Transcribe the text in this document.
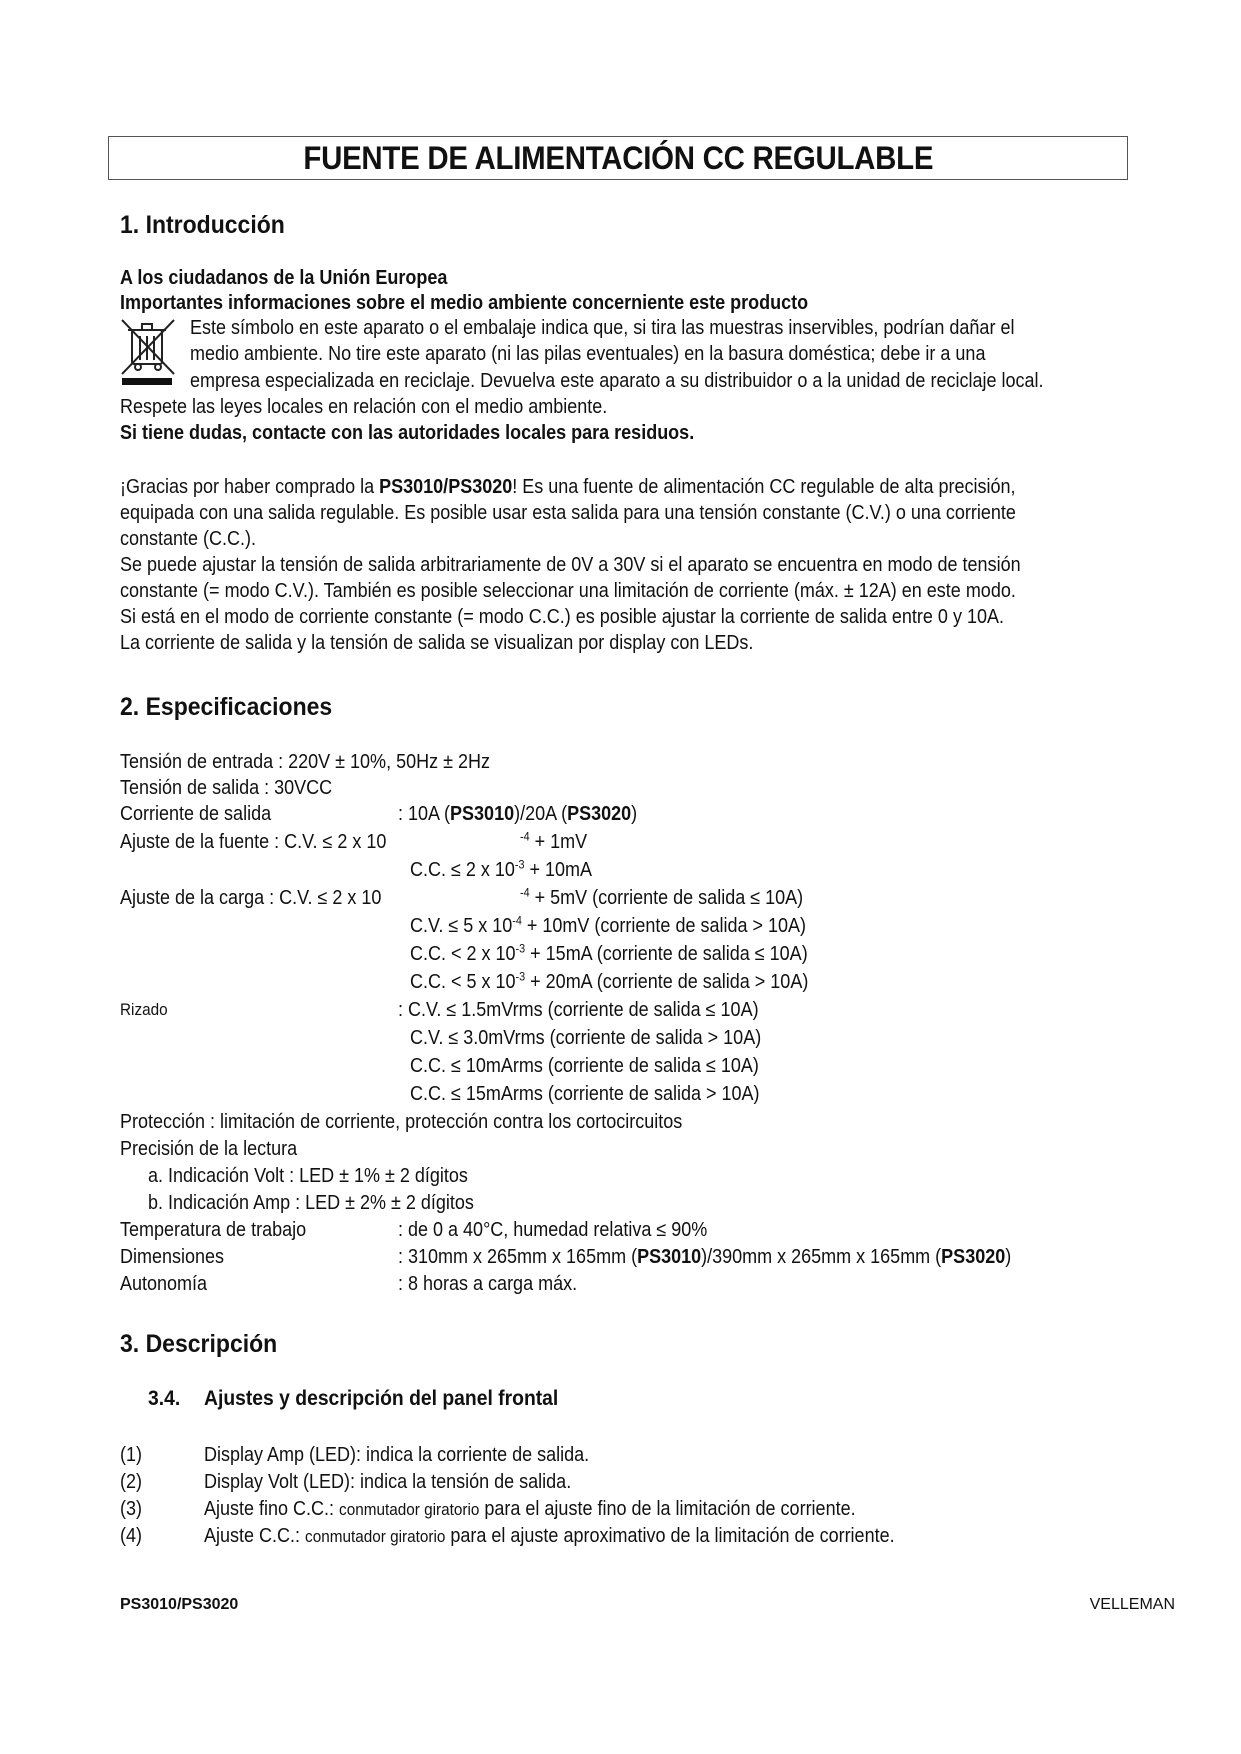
FUENTE DE ALIMENTACIÓN CC REGULABLE
1. Introducción
A los ciudadanos de la Unión Europea
Importantes informaciones sobre el medio ambiente concerniente este producto
Este símbolo en este aparato o el embalaje indica que, si tira las muestras inservibles, podrían dañar el
medio ambiente. No tire este aparato (ni las pilas eventuales) en la basura doméstica; debe ir a una
empresa especializada en reciclaje. Devuelva este aparato a su distribuidor o a la unidad de reciclaje local.
Respete las leyes locales en relación con el medio ambiente.
Si tiene dudas, contacte con las autoridades locales para residuos.
¡Gracias por haber comprado la PS3010/PS3020! Es una fuente de alimentación CC regulable de alta precisión,
equipada con una salida regulable. Es posible usar esta salida para una tensión constante (C.V.) o una corriente
constante (C.C.).
Se puede ajustar la tensión de salida arbitrariamente de 0V a 30V si el aparato se encuentra en modo de tensión
constante (= modo C.V.). También es posible seleccionar una limitación de corriente (máx. ± 12A) en este modo.
Si está en el modo de corriente constante (= modo C.C.) es posible ajustar la corriente de salida entre 0 y 10A.
La corriente de salida y la tensión de salida se visualizan por display con LEDs.
2. Especificaciones
Tensión de entrada : 220V ± 10%, 50Hz ± 2Hz
Tensión de salida : 30VCC
Corriente de salida	: 10A (PS3010)/20A (PS3020)
Ajuste de la fuente : C.V. ≤ 2 x 10	$^{-4}$ + 1mV
C.C. ≤ 2 x $10^{-3} + 10mA$
Ajuste de la carga : C.V. ≤ 2 x 10	$^{-4}$ + 5mV (corriente de salida ≤ 10A)
C.V. ≤ 5 x $10^{-4} + 10mV$ (corriente de salida > 10A)
C.C. < 2 x $10^{-3} + 15mA$ (corriente de salida ≤ 10A)
C.C. < 5 x $10^{-3} + 20mA$ (corriente de salida > 10A)
Rizado	: C.V. ≤ 1.5mVrms (corriente de salida ≤ 10A)
C.V. ≤ 3.0mVrms (corriente de salida > 10A)
C.C. ≤ 10mArms (corriente de salida ≤ 10A)
C.C. ≤ 15mArms (corriente de salida > 10A)
Protección : limitación de corriente, protección contra los cortocircuitos
Precisión de la lectura
a. Indicación Volt : LED ± 1% ± 2 dígitos
b. Indicación Amp : LED ± 2% ± 2 dígitos
Temperatura de trabajo	: de 0 a 40°C, humedad relativa ≤ 90%
Dimensiones	: 310mm x 265mm x 165mm (PS3010)/390mm x 265mm x 165mm (PS3020)
Autonomía	: 8 horas a carga máx.
3. Descripción
3.4. Ajustes y descripción del panel frontal
(1)	Display Amp (LED): indica la corriente de salida.
(2)	Display Volt (LED): indica la tensión de salida.
(3)	Ajuste fino C.C.: conmutador giratorio para el ajuste fino de la limitación de corriente.
(4)	Ajuste C.C.: conmutador giratorio para el ajuste aproximativo de la limitación de corriente.
PS3010/PS3020	VELLEMAN
